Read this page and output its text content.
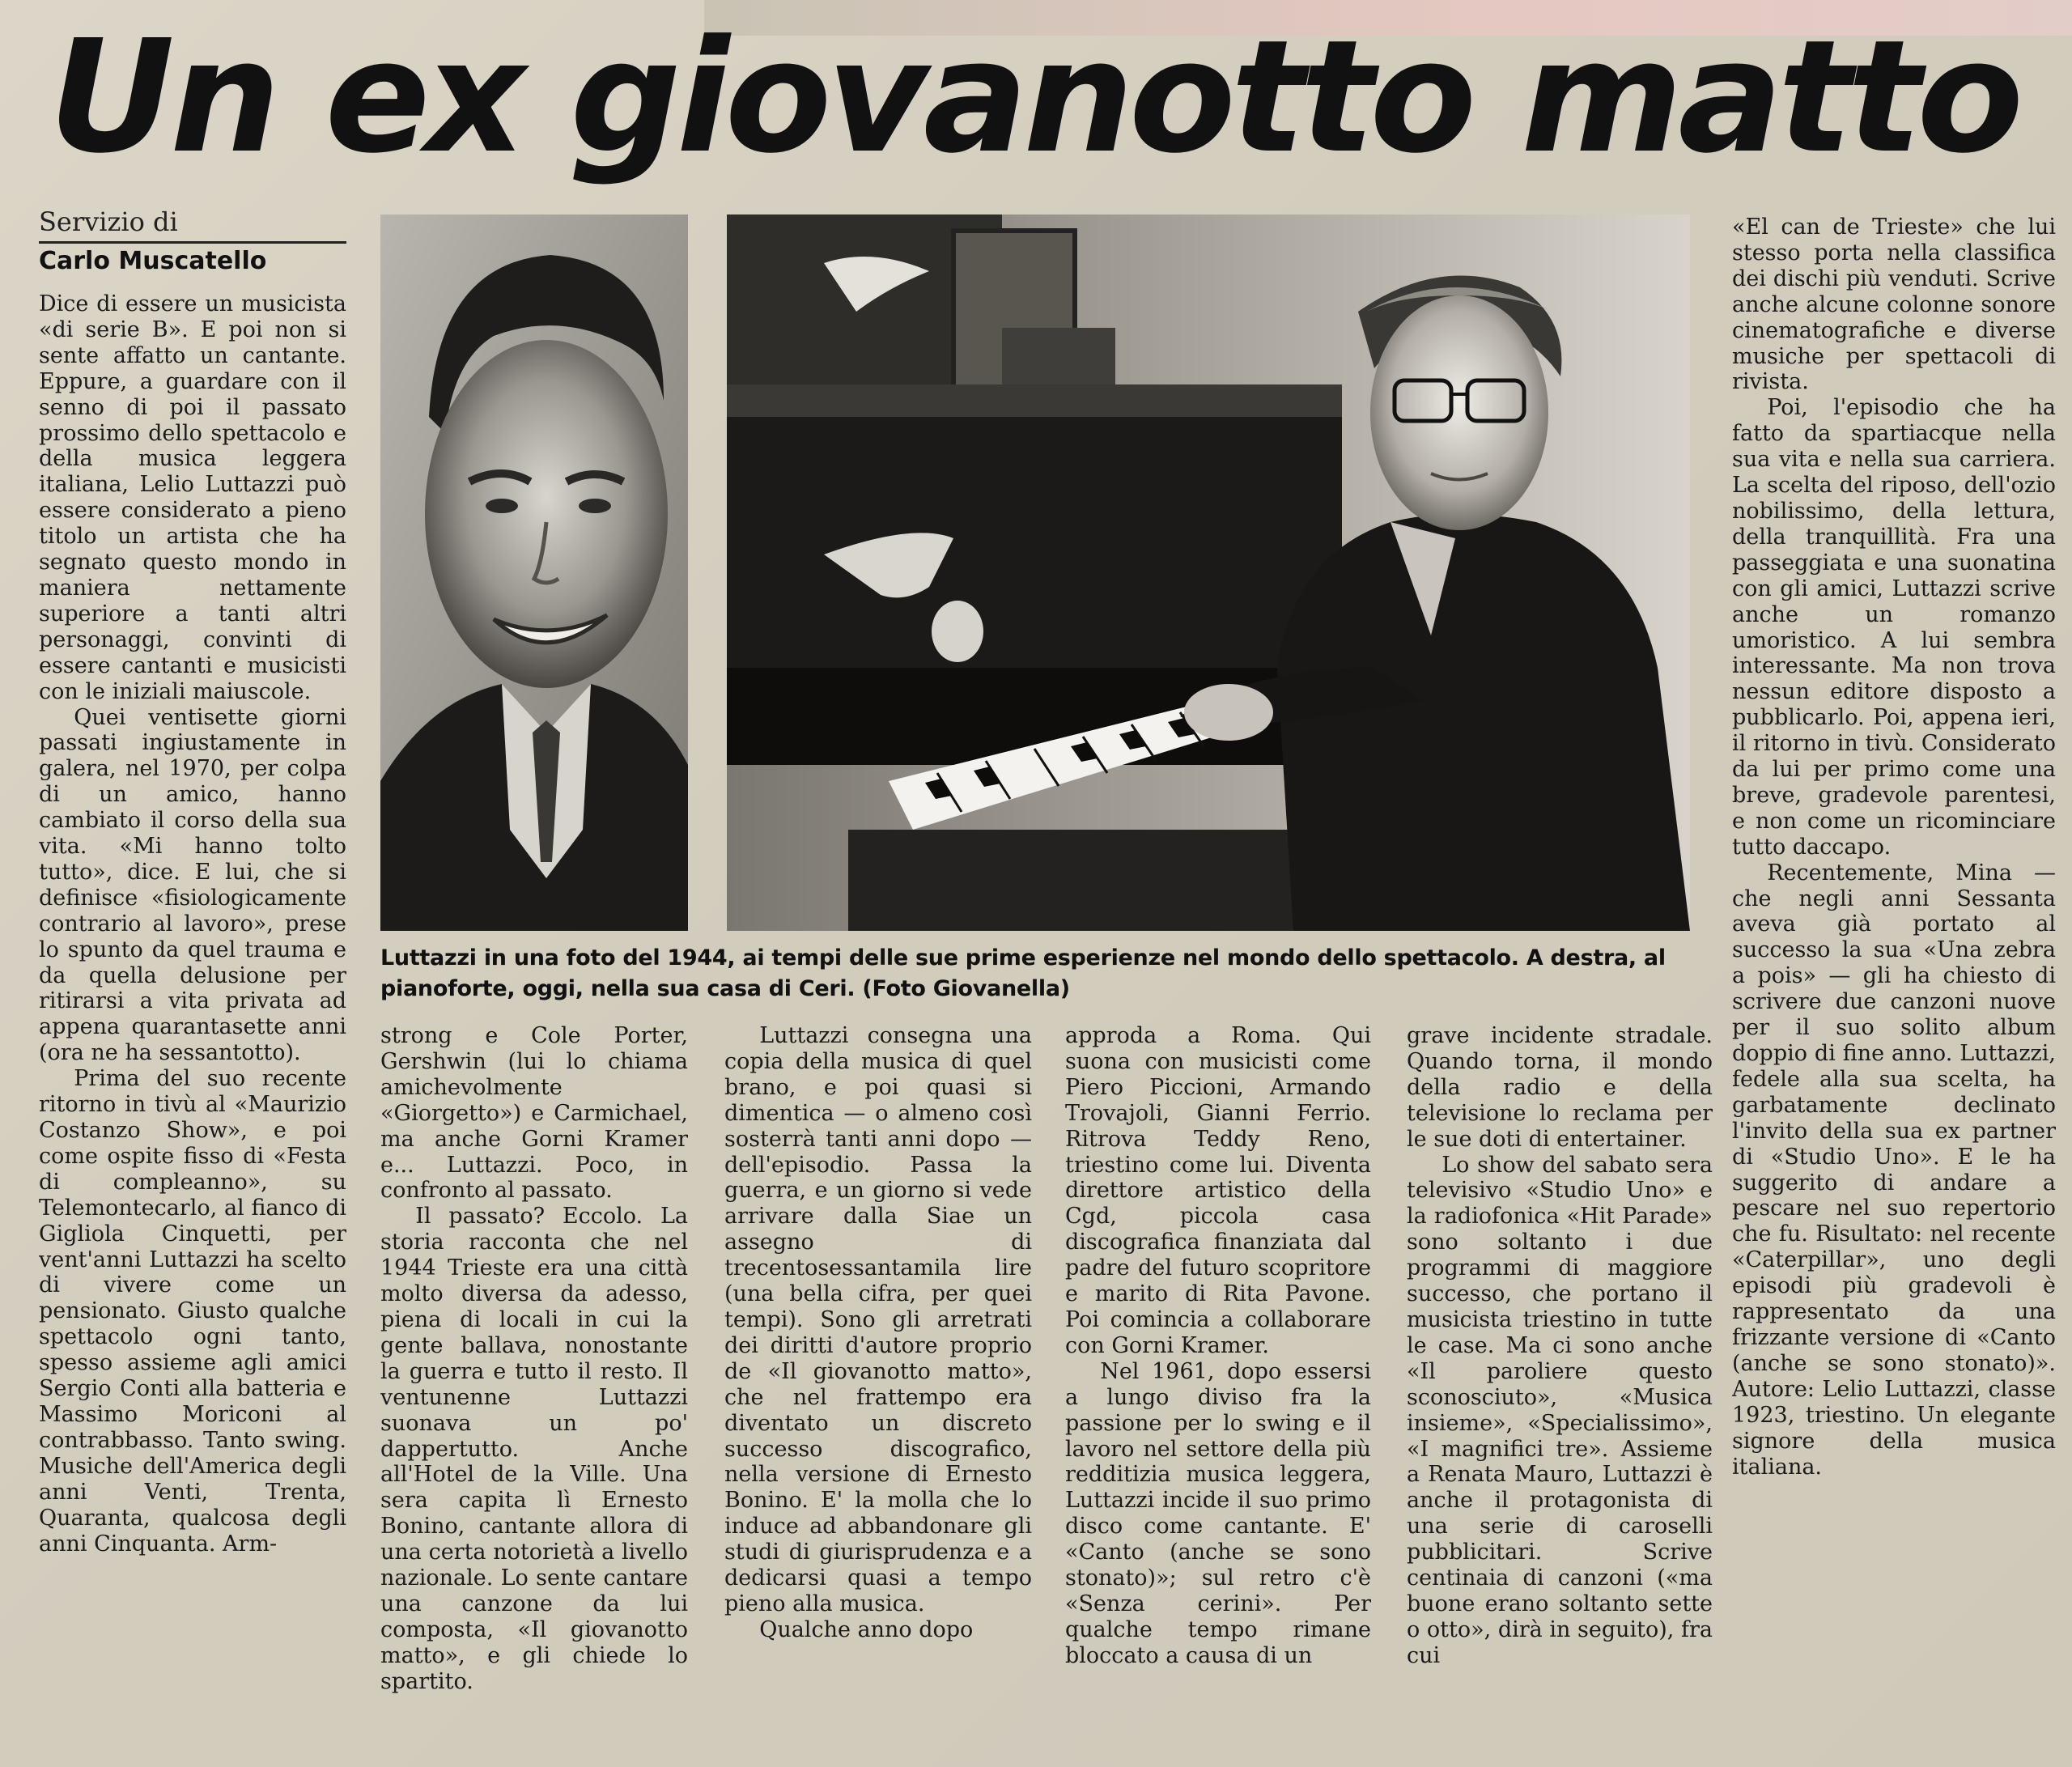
Un ex giovanotto matto
Servizio di
Carlo Muscatello
Luttazzi in una foto del 1944, ai tempi delle sue prime esperienze nel mondo dello spettacolo. A destra, al pianoforte, oggi, nella sua casa di Ceri. (Foto Giovanella)

Dice di essere un musicista «di serie B». E poi non si sente affatto un cantante. Eppure, a guardare con il senno di poi il passato prossimo dello spettacolo e della musica leggera italiana, Lelio Luttazzi può essere considerato a pieno titolo un artista che ha segnato questo mondo in maniera nettamente superiore a tanti altri personaggi, convinti di essere cantanti e musicisti con le iniziali maiuscole.

Quei ventisette giorni passati ingiustamente in galera, nel 1970, per colpa di un amico, hanno cambiato il corso della sua vita. «Mi hanno tolto tutto», dice. E lui, che si definisce «fisiologicamente contrario al lavoro», prese lo spunto da quel trauma e da quella delusione per ritirarsi a vita privata ad appena quarantasette anni (ora ne ha sessantotto).

Prima del suo recente ritorno in tivù al «Maurizio Costanzo Show», e poi come ospite fisso di «Festa di compleanno», su Telemontecarlo, al fianco di Gigliola Cinquetti, per vent'anni Luttazzi ha scelto di vivere come un pensionato. Giusto qualche spettacolo ogni tanto, spesso assieme agli amici Sergio Conti alla batteria e Massimo Moriconi al contrabbasso. Tanto swing. Musiche dell'America degli anni Venti, Trenta, Quaranta, qualcosa degli anni Cinquanta. Arm-

strong e Cole Porter, Gershwin (lui lo chiama amichevolmente «Giorgetto») e Carmichael, ma anche Gorni Kramer e... Luttazzi. Poco, in confronto al passato.

Il passato? Eccolo. La storia racconta che nel 1944 Trieste era una città molto diversa da adesso, piena di locali in cui la gente ballava, nonostante la guerra e tutto il resto. Il ventunenne Luttazzi suonava un po' dappertutto. Anche all'Hotel de la Ville. Una sera capita lì Ernesto Bonino, cantante allora di una certa notorietà a livello nazionale. Lo sente cantare una canzone da lui composta, «Il giovanotto matto», e gli chiede lo spartito.

Luttazzi consegna una copia della musica di quel brano, e poi quasi si dimentica — o almeno così sosterrà tanti anni dopo — dell'episodio. Passa la guerra, e un giorno si vede arrivare dalla Siae un assegno di trecentosessantamila lire (una bella cifra, per quei tempi). Sono gli arretrati dei diritti d'autore proprio de «Il giovanotto matto», che nel frattempo era diventato un discreto successo discografico, nella versione di Ernesto Bonino. E' la molla che lo induce ad abbandonare gli studi di giurisprudenza e a dedicarsi quasi a tempo pieno alla musica.

Qualche anno dopo

approda a Roma. Qui suona con musicisti come Piero Piccioni, Armando Trovajoli, Gianni Ferrio. Ritrova Teddy Reno, triestino come lui. Diventa direttore artistico della Cgd, piccola casa discografica finanziata dal padre del futuro scopritore e marito di Rita Pavone. Poi comincia a collaborare con Gorni Kramer.

Nel 1961, dopo essersi a lungo diviso fra la passione per lo swing e il lavoro nel settore della più redditizia musica leggera, Luttazzi incide il suo primo disco come cantante. E' «Canto (anche se sono stonato)»; sul retro c'è «Senza cerini». Per qualche tempo rimane bloccato a causa di un

grave incidente stradale. Quando torna, il mondo della radio e della televisione lo reclama per le sue doti di entertainer.

Lo show del sabato sera televisivo «Studio Uno» e la radiofonica «Hit Parade» sono soltanto i due programmi di maggiore successo, che portano il musicista triestino in tutte le case. Ma ci sono anche «Il paroliere questo sconosciuto», «Musica insieme», «Specialissimo», «I magnifici tre». Assieme a Renata Mauro, Luttazzi è anche il protagonista di una serie di caroselli pubblicitari. Scrive centinaia di canzoni («ma buone erano soltanto sette o otto», dirà in seguito), fra cui

«El can de Trieste» che lui stesso porta nella classifica dei dischi più venduti. Scrive anche alcune colonne sonore cinematografiche e diverse musiche per spettacoli di rivista.

Poi, l'episodio che ha fatto da spartiacque nella sua vita e nella sua carriera. La scelta del riposo, dell'ozio nobilissimo, della lettura, della tranquillità. Fra una passeggiata e una suonatina con gli amici, Luttazzi scrive anche un romanzo umoristico. A lui sembra interessante. Ma non trova nessun editore disposto a pubblicarlo. Poi, appena ieri, il ritorno in tivù. Considerato da lui per primo come una breve, gradevole parentesi, e non come un ricominciare tutto daccapo.

Recentemente, Mina — che negli anni Sessanta aveva già portato al successo la sua «Una zebra a pois» — gli ha chiesto di scrivere due canzoni nuove per il suo solito album doppio di fine anno. Luttazzi, fedele alla sua scelta, ha garbatamente declinato l'invito della sua ex partner di «Studio Uno». E le ha suggerito di andare a pescare nel suo repertorio che fu. Risultato: nel recente «Caterpillar», uno degli episodi più gradevoli è rappresentato da una frizzante versione di «Canto (anche se sono stonato)». Autore: Lelio Luttazzi, classe 1923, triestino. Un elegante signore della musica italiana.
